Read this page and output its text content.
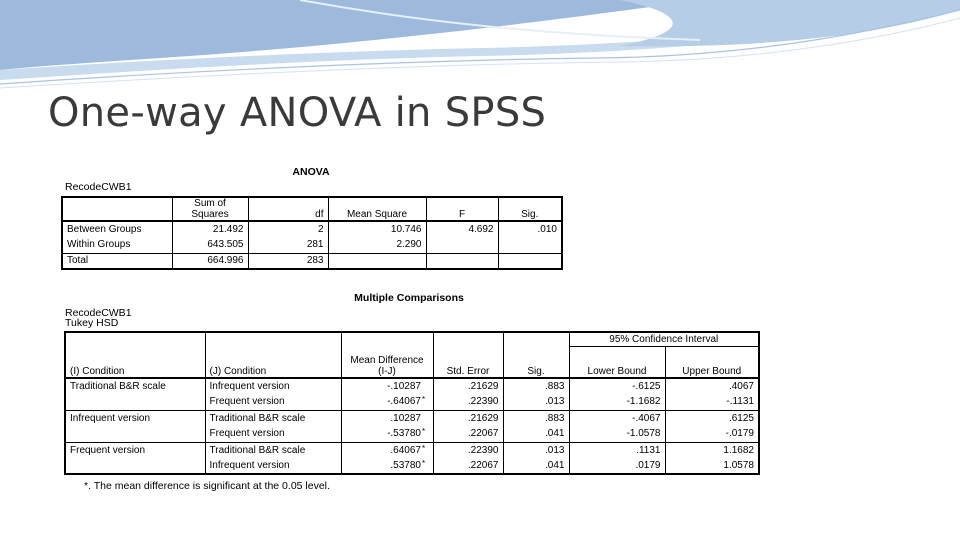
One-way ANOVA in SPSS
ANOVA
RecodeCWB1
	Sum of Squares	df	Mean Square	F	Sig.
Between Groups	21.492	2	10.746	4.692	.010
Within Groups	643.505	281	2.290		
Total	664.996	283			
Multiple Comparisons
RecodeCWB1
Tukey HSD
						95% Confidence Interval	
(I) Condition	(J) Condition	Mean Difference (I-J)		Std. Error	Sig.	Lower Bound	Upper Bound
Traditional B&R scale	Infrequent version	-.10287		.21629	.883	-.6125	.4067
	Frequent version	-.64067	*	.22390	.013	-1.1682	-.1131
Infrequent version	Traditional B&R scale	.10287		.21629	.883	-.4067	.6125
	Frequent version	-.53780	*	.22067	.041	-1.0578	-.0179
Frequent version	Traditional B&R scale	.64067	*	.22390	.013	.1131	1.1682
	Infrequent version	.53780	*	.22067	.041	.0179	1.0578
*. The mean difference is significant at the 0.05 level.
